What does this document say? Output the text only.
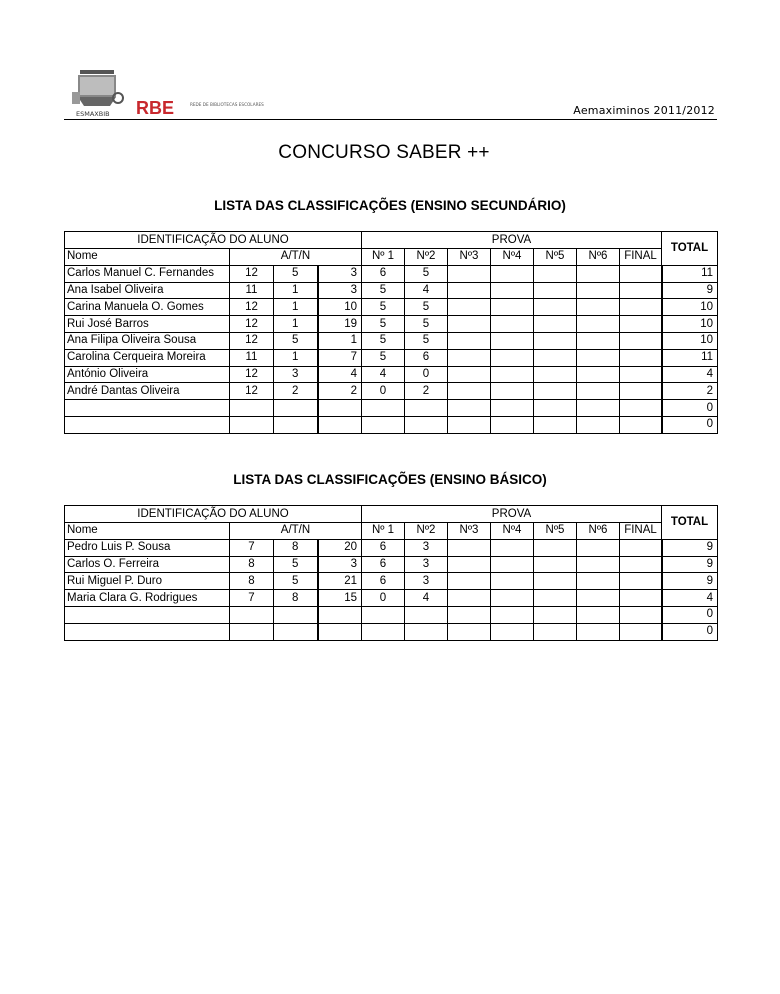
ESMAXBIB RBE	REDE DE BIBLIOTECAS ESCOLARES	Aemaximinos 2011/2012
CONCURSO SABER ++
LISTA DAS CLASSIFICAÇÕES (ENSINO SECUNDÁRIO)
IDENTIFICAÇÃO DO ALUNO				PROVA							TOTAL
Nome	A/T/N			Nº 1	Nº2	Nº3	Nº4	Nº5	Nº6	FINAL	
Carlos Manuel C. Fernandes	12	5	3	6	5						11
Ana Isabel Oliveira	11	1	3	5	4						9
Carina Manuela O. Gomes	12	1	10	5	5						10
Rui José Barros	12	1	19	5	5						10
Ana Filipa Oliveira Sousa	12	5	1	5	5						10
Carolina Cerqueira Moreira	11	1	7	5	6						11
António Oliveira	12	3	4	4	0						4
André Dantas Oliveira	12	2	2	0	2						2
											0
											0
LISTA DAS CLASSIFICAÇÕES (ENSINO BÁSICO)
IDENTIFICAÇÃO DO ALUNO				PROVA							TOTAL
Nome	A/T/N			Nº 1	Nº2	Nº3	Nº4	Nº5	Nº6	FINAL	
Pedro Luis P. Sousa	7	8	20	6	3						9
Carlos O. Ferreira	8	5	3	6	3						9
Rui Miguel P. Duro	8	5	21	6	3						9
Maria Clara G. Rodrigues	7	8	15	0	4						4
											0
											0
